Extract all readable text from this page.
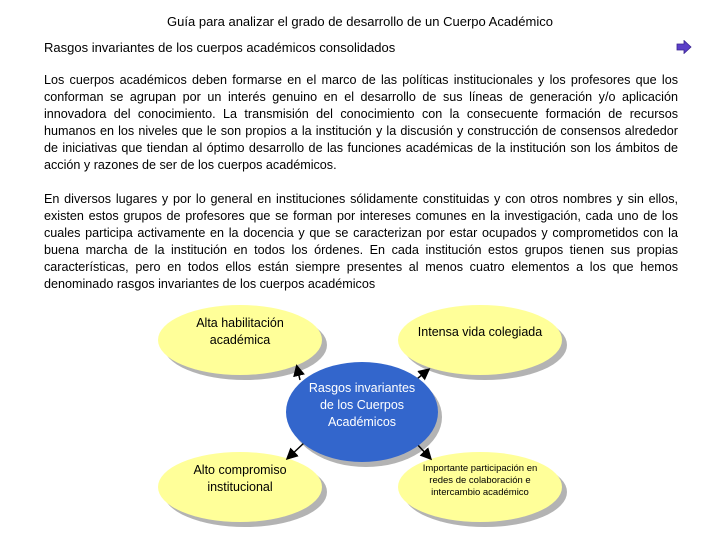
Guía para analizar el grado de desarrollo de un Cuerpo Académico
Rasgos invariantes de los cuerpos académicos consolidados

Los cuerpos académicos deben formarse en el marco de las políticas institucionales y los profesores que los conforman se agrupan por un interés genuino en el desarrollo de sus líneas de generación y/o aplicación innovadora del conocimiento. La transmisión del conocimiento con la consecuente formación de recursos humanos en los niveles que le son propios a la institución y la discusión y construcción de consensos alrededor de iniciativas que tiendan al óptimo desarrollo de las funciones académicas de la institución son los ámbitos de acción y razones de ser de los cuerpos académicos.

En diversos lugares y por lo general en instituciones sólidamente constituidas y con otros nombres y sin ellos, existen estos grupos de profesores que se forman por intereses comunes en la investigación, cada uno de los cuales participa activamente en la docencia y que se caracterizan por estar ocupados y comprometidos con la buena marcha de la institución en todos los órdenes. En cada institución estos grupos tienen sus propias características, pero en todos ellos están siempre presentes al menos cuatro elementos a los que hemos denominado rasgos invariantes de los cuerpos académicos

Alta habilitación académica
Intensa vida colegiada
Rasgos invariantes de los Cuerpos Académicos
Alto compromiso institucional
Importante participación en redes de colaboración e intercambio académico
